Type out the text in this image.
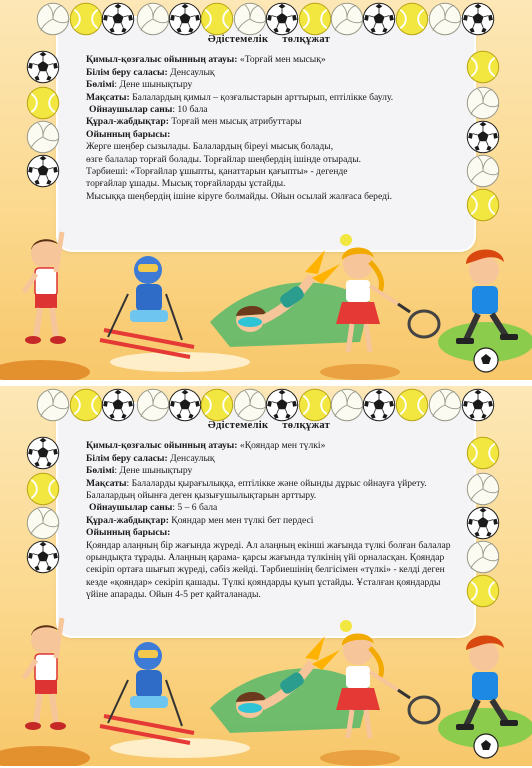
Әдістемелік төлқұжат
Қимыл-қозғалыс ойынның атауы: «Торғай мен мысық»
Білім беру саласы: Денсаулық
Бөлімі: Дене шынықтыру
Мақсаты: Балалардың қимыл – қозғалыстарын арттырып, ептілікке баулу.
Ойнаушылар саны: 10 бала
Құрал-жабдықтар: Торғай мен мысық атрибуттары
Ойынның барысы:
Жерге шеңбер сызылады. Балалардың біреуі мысық болады,
өзге балалар торғай болады. Торғайлар шеңбердің ішінде отырады.
Тәрбиеші: «Торғайлар ұшыпты, қанаттарын қағыпты» - дегенде
торғайлар ұшады. Мысық торғайларды ұстайды.
Мысыққа шеңбердің ішіне кіруге болмайды. Ойын осылай жалғаса береді.
Әдістемелік төлқұжат
Қимыл-қозғалыс ойынның атауы: «Қояндар мен түлкі»
Білім беру саласы: Денсаулық
Бөлімі: Дене шынықтыру
Мақсаты: Балаларды қырағылыққа, ептілікке және ойынды дұрыс ойнауға үйрету. Балалардың ойынға деген қызығушылықтарын арттыру.
Ойнаушылар саны: 5 – 6 бала
Құрал-жабдықтар: Қояндар мен мен түлкі бет пердесі
Ойынның барысы:
Қояндар алаңның бір жағында жүреді. Ал алаңның екінші жағында түлкі болған балалар орындықта тұрады. Алаңның қарама- қарсы жағында түлкінің үйі орналасқан. Қояндар секіріп ортаға шығып жүреді, сәбіз жейді. Тәрбиешінің белгісімен «түлкі» - келді деген кезде «қояндар» секіріп қашады. Түлкі қояндарды қуып ұстайды. Ұсталған қояндарды үйіне апарады. Ойын 4-5 рет қайталанады.
